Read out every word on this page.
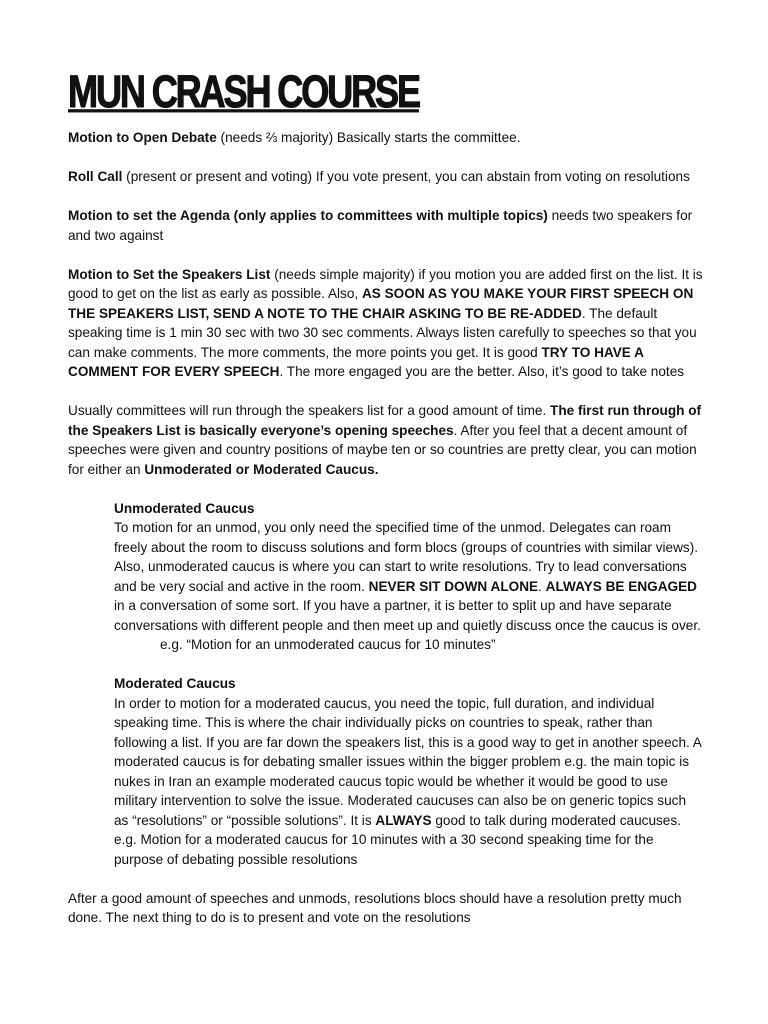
MUN CRASH COURSE

Motion to Open Debate (needs ⅔ majority) Basically starts the committee.

Roll Call (present or present and voting) If you vote present, you can abstain from voting on resolutions

Motion to set the Agenda (only applies to committees with multiple topics) needs two speakers for and two against

Motion to Set the Speakers List (needs simple majority) if you motion you are added first on the list. It is good to get on the list as early as possible. Also, AS SOON AS YOU MAKE YOUR FIRST SPEECH ON THE SPEAKERS LIST, SEND A NOTE TO THE CHAIR ASKING TO BE RE-ADDED. The default speaking time is 1 min 30 sec with two 30 sec comments. Always listen carefully to speeches so that you can make comments. The more comments, the more points you get. It is good TRY TO HAVE A COMMENT FOR EVERY SPEECH. The more engaged you are the better. Also, it’s good to take notes

Usually committees will run through the speakers list for a good amount of time. The first run through of the Speakers List is basically everyone’s opening speeches. After you feel that a decent amount of speeches were given and country positions of maybe ten or so countries are pretty clear, you can motion for either an Unmoderated or Moderated Caucus.

Unmoderated Caucus

To motion for an unmod, you only need the specified time of the unmod. Delegates can roam freely about the room to discuss solutions and form blocs (groups of countries with similar views). Also, unmoderated caucus is where you can start to write resolutions. Try to lead conversations and be very social and active in the room. NEVER SIT DOWN ALONE. ALWAYS BE ENGAGED in a conversation of some sort. If you have a partner, it is better to split up and have separate conversations with different people and then meet up and quietly discuss once the caucus is over.

e.g. “Motion for an unmoderated caucus for 10 minutes”

Moderated Caucus

In order to motion for a moderated caucus, you need the topic, full duration, and individual speaking time. This is where the chair individually picks on countries to speak, rather than following a list. If you are far down the speakers list, this is a good way to get in another speech. A moderated caucus is for debating smaller issues within the bigger problem e.g. the main topic is nukes in Iran an example moderated caucus topic would be whether it would be good to use military intervention to solve the issue. Moderated caucuses can also be on generic topics such as “resolutions” or “possible solutions”. It is ALWAYS good to talk during moderated caucuses.

e.g. Motion for a moderated caucus for 10 minutes with a 30 second speaking time for the purpose of debating possible resolutions

After a good amount of speeches and unmods, resolutions blocs should have a resolution pretty much done. The next thing to do is to present and vote on the resolutions
